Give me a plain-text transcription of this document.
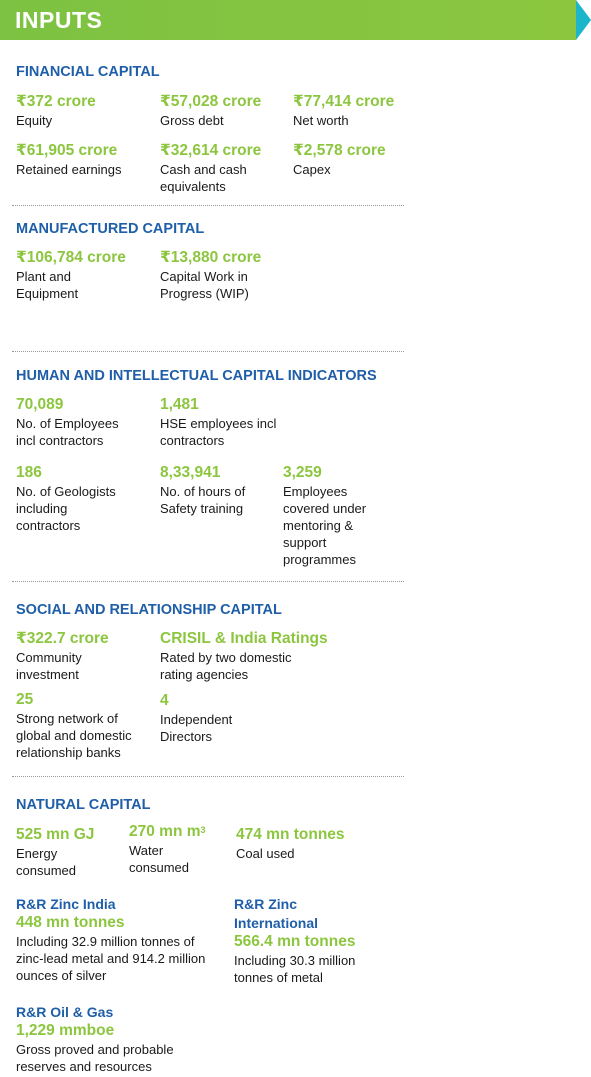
INPUTS
FINANCIAL CAPITAL
₹372 crore
Equity
₹57,028 crore
Gross debt
₹77,414 crore
Net worth
₹61,905 crore
Retained earnings
₹32,614 crore
Cash and cash equivalents
₹2,578 crore
Capex
MANUFACTURED CAPITAL
₹106,784 crore
Plant and Equipment
₹13,880 crore
Capital Work in Progress (WIP)
HUMAN AND INTELLECTUAL CAPITAL INDICATORS
70,089
No. of Employees incl contractors
1,481
HSE employees incl contractors
186
No. of Geologists including contractors
8,33,941
No. of hours of Safety training
3,259
Employees covered under mentoring & support programmes
SOCIAL AND RELATIONSHIP CAPITAL
₹322.7 crore
Community investment
CRISIL & India Ratings
Rated by two domestic rating agencies
25
Strong network of global and domestic relationship banks
4
Independent Directors
NATURAL CAPITAL
525 mn GJ
Energy consumed
270 mn $m^3$
Water consumed
474 mn tonnes
Coal used
R&R Zinc India
448 mn tonnes
Including 32.9 million tonnes of zinc-lead metal and 914.2 million ounces of silver
R&R Zinc International
566.4 mn tonnes
Including 30.3 million tonnes of metal
R&R Oil & Gas
1,229 mmboe
Gross proved and probable reserves and resources
